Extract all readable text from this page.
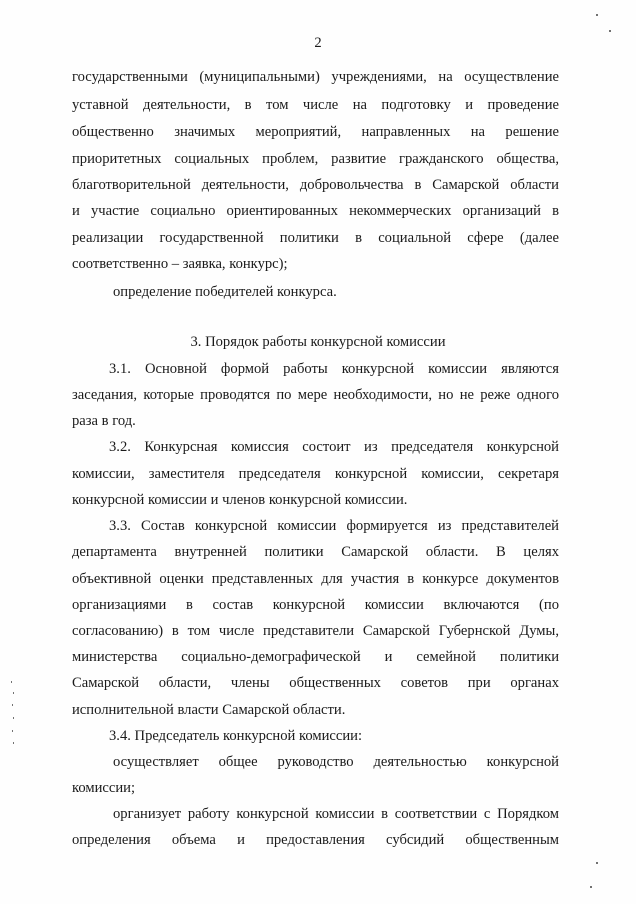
2
государственными (муниципальными) учреждениями, на осуществление
уставной деятельности, в том числе на подготовку и проведение
общественно значимых мероприятий, направленных на решение
приоритетных социальных проблем, развитие гражданского общества,
благотворительной деятельности, добровольчества в Самарской области
и участие социально ориентированных некоммерческих организаций в
реализации государственной политики в социальной сфере (далее
соответственно – заявка, конкурс);
определение победителей конкурса.
3. Порядок работы конкурсной комиссии
3.1. Основной формой работы конкурсной комиссии являются
заседания, которые проводятся по мере необходимости, но не реже одного
раза в год.
3.2. Конкурсная комиссия состоит из председателя конкурсной
комиссии, заместителя председателя конкурсной комиссии, секретаря
конкурсной комиссии и членов конкурсной комиссии.
3.3. Состав конкурсной комиссии формируется из представителей
департамента внутренней политики Самарской области. В целях
объективной оценки представленных для участия в конкурсе документов
организациями в состав конкурсной комиссии включаются (по
согласованию) в том числе представители Самарской Губернской Думы,
министерства социально-демографической и семейной политики
Самарской области, члены общественных советов при органах
исполнительной власти Самарской области.
3.4. Председатель конкурсной комиссии:
осуществляет общее руководство деятельностью конкурсной
комиссии;
организует работу конкурсной комиссии в соответствии с Порядком
определения объема и предоставления субсидий общественным
